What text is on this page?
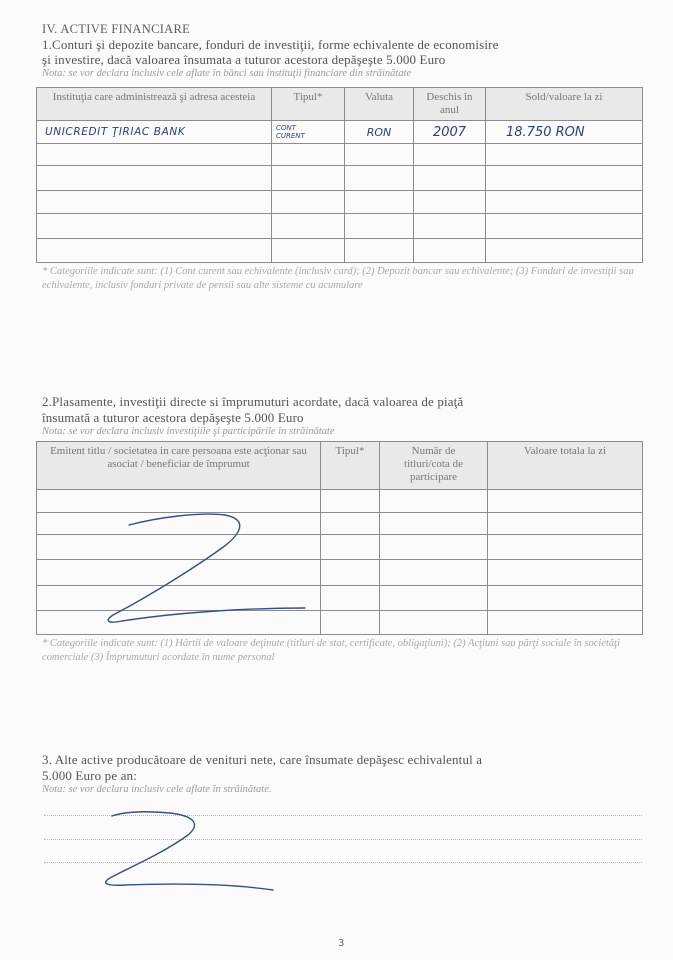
IV. ACTIVE FINANCIARE
1.Conturi şi depozite bancare, fonduri de investiţii, forme echivalente de economisire
şi investire, dacă valoarea însumata a tuturor acestora depăşeşte 5.000 Euro
Nota: se vor declara inclusiv cele aflate în bănci sau instituţii financiare din străinătate
Instituţia care administrează şi adresa acesteia	Tipul*	Valuta	Deschis în anul	Sold/valoare la zi
UNICREDIT ŢIRIAC BANK	CONT CURENT	RON	2007	18.750 RON

* Categoriile indicate sunt: (1) Cont curent sau echivalente (inclusiv card); (2) Depozit bancar sau echivalente; (3) Fonduri de investiţii sau echivalente, inclusiv fonduri private de pensii sau alte sisteme cu acumulare
2.Plasamente, investiţii directe si împrumuturi acordate, dacă valoarea de piaţă
însumată a tuturor acestora depăşeşte 5.000 Euro
Nota: se vor declara inclusiv investiţiile şi participările în străinătate
Emitent titlu / societatea in care persoana este acţionar sau asociat / beneficiar de împrumut	Tipul*	Număr de titluri/cota de participare	Valoare totala la zi

* Categoriile indicate sunt: (1) Hârtii de valoare deţinute (titluri de stat, certificate, obligaţiuni); (2) Acţiuni sau părţi sociale în societăţi comerciale (3) Împrumuturi acordate în nume personal
3. Alte active producătoare de venituri nete, care însumate depăşesc echivalentul a
5.000 Euro pe an:
Nota: se vor declara inclusiv cele aflate în străinătate.
3
